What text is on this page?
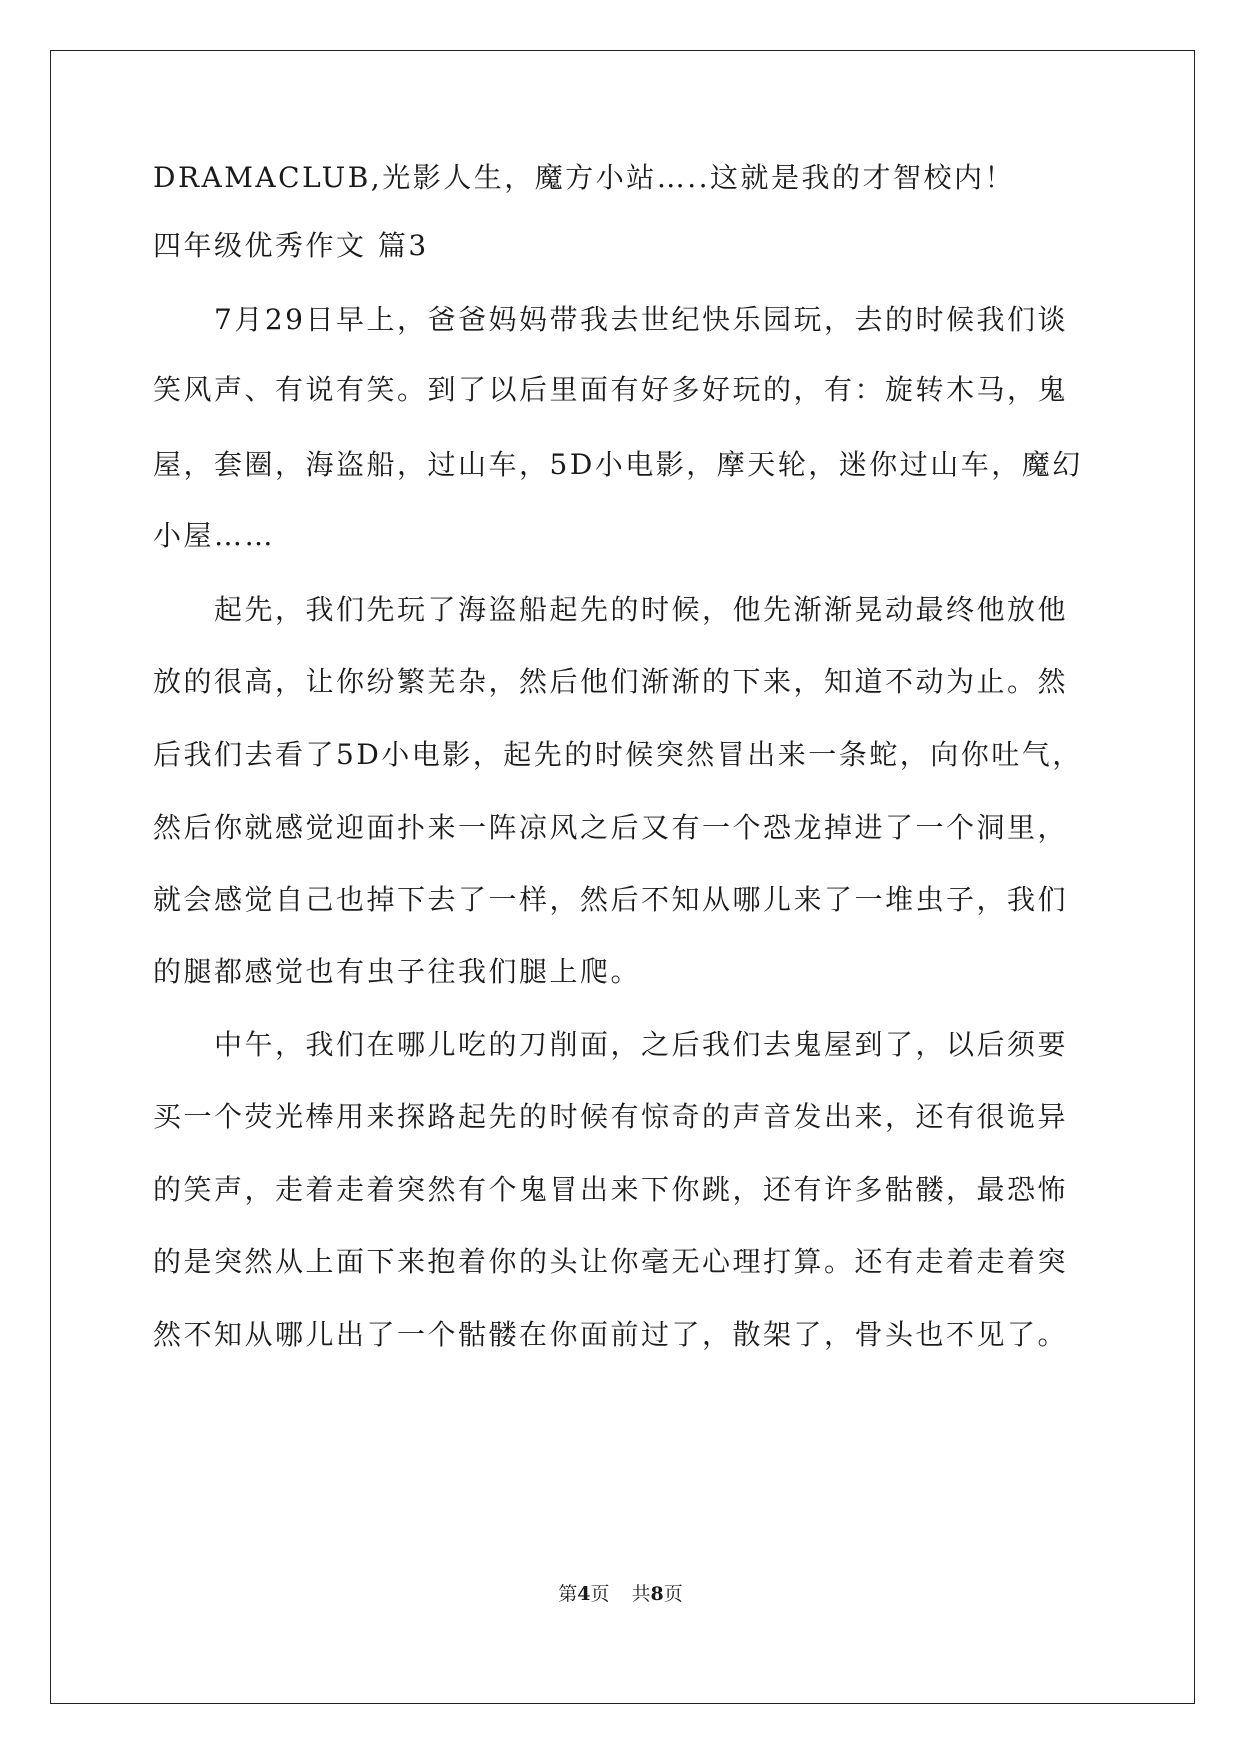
DRAMACLUB,光影人生，魔方小站…..这就是我的才智校内！
四年级优秀作文 篇3
7月29日早上，爸爸妈妈带我去世纪快乐园玩，去的时候我们谈
笑风声、有说有笑。到了以后里面有好多好玩的，有：旋转木马，鬼
屋，套圈，海盗船，过山车，5D小电影，摩天轮，迷你过山车，魔幻
小屋……
起先，我们先玩了海盗船起先的时候，他先渐渐晃动最终他放他
放的很高，让你纷繁芜杂，然后他们渐渐的下来，知道不动为止。然
后我们去看了5D小电影，起先的时候突然冒出来一条蛇，向你吐气，
然后你就感觉迎面扑来一阵凉风之后又有一个恐龙掉进了一个洞里，
就会感觉自己也掉下去了一样，然后不知从哪儿来了一堆虫子，我们
的腿都感觉也有虫子往我们腿上爬。
中午，我们在哪儿吃的刀削面，之后我们去鬼屋到了，以后须要
买一个荧光棒用来探路起先的时候有惊奇的声音发出来，还有很诡异
的笑声，走着走着突然有个鬼冒出来下你跳，还有许多骷髅，最恐怖
的是突然从上面下来抱着你的头让你毫无心理打算。还有走着走着突
然不知从哪儿出了一个骷髅在你面前过了，散架了，骨头也不见了。
第4页 共8页
